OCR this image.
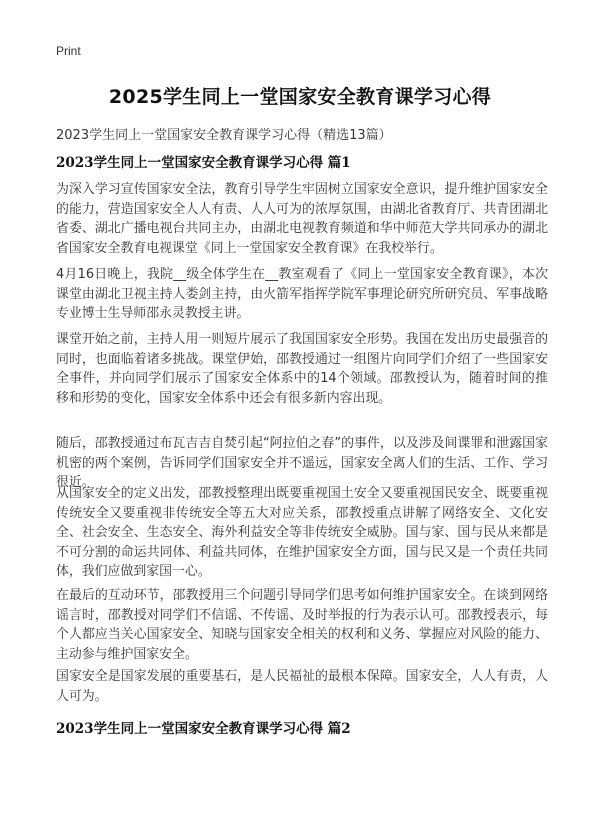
Print
2025学生同上一堂国家安全教育课学习心得
2023学生同上一堂国家安全教育课学习心得（精选13篇）
2023学生同上一堂国家安全教育课学习心得 篇1
为深入学习宣传国家安全法，教育引导学生牢固树立国家安全意识，提升维护国家安全的能力，营造国家安全人人有责、人人可为的浓厚氛围，由湖北省教育厅、共青团湖北省委、湖北广播电视台共同主办，由湖北电视教育频道和华中师范大学共同承办的湖北省国家安全教育电视课堂《同上一堂国家安全教育课》在我校举行。
4月16日晚上，我院__级全体学生在__教室观看了《同上一堂国家安全教育课》，本次课堂由湖北卫视主持人娄剑主持，由火箭军指挥学院军事理论研究所研究员、军事战略专业博士生导师邵永灵教授主讲。
课堂开始之前，主持人用一则短片展示了我国国家安全形势。我国在发出历史最强音的同时，也面临着诸多挑战。课堂伊始，邵教授通过一组图片向同学们介绍了一些国家安全事件，并向同学们展示了国家安全体系中的14个领域。邵教授认为，随着时间的推移和形势的变化，国家安全体系中还会有很多新内容出现。
随后，邵教授通过布瓦吉吉自焚引起“阿拉伯之春”的事件，以及涉及间谍罪和泄露国家机密的两个案例，告诉同学们国家安全并不遥远，国家安全离人们的生活、工作、学习很近。
从国家安全的定义出发，邵教授整理出既要重视国土安全又要重视国民安全、既要重视传统安全又要重视非传统安全等五大对应关系，邵教授重点讲解了网络安全、文化安全、社会安全、生态安全、海外利益安全等非传统安全威胁。国与家、国与民从来都是不可分割的命运共同体、利益共同体，在维护国家安全方面，国与民又是一个责任共同体，我们应做到家国一心。
在最后的互动环节，邵教授用三个问题引导同学们思考如何维护国家安全。在谈到网络谣言时，邵教授对同学们不信谣、不传谣、及时举报的行为表示认可。邵教授表示，每个人都应当关心国家安全、知晓与国家安全相关的权利和义务、掌握应对风险的能力、主动参与维护国家安全。
国家安全是国家发展的重要基石，是人民福祉的最根本保障。国家安全，人人有责，人人可为。
2023学生同上一堂国家安全教育课学习心得 篇2
